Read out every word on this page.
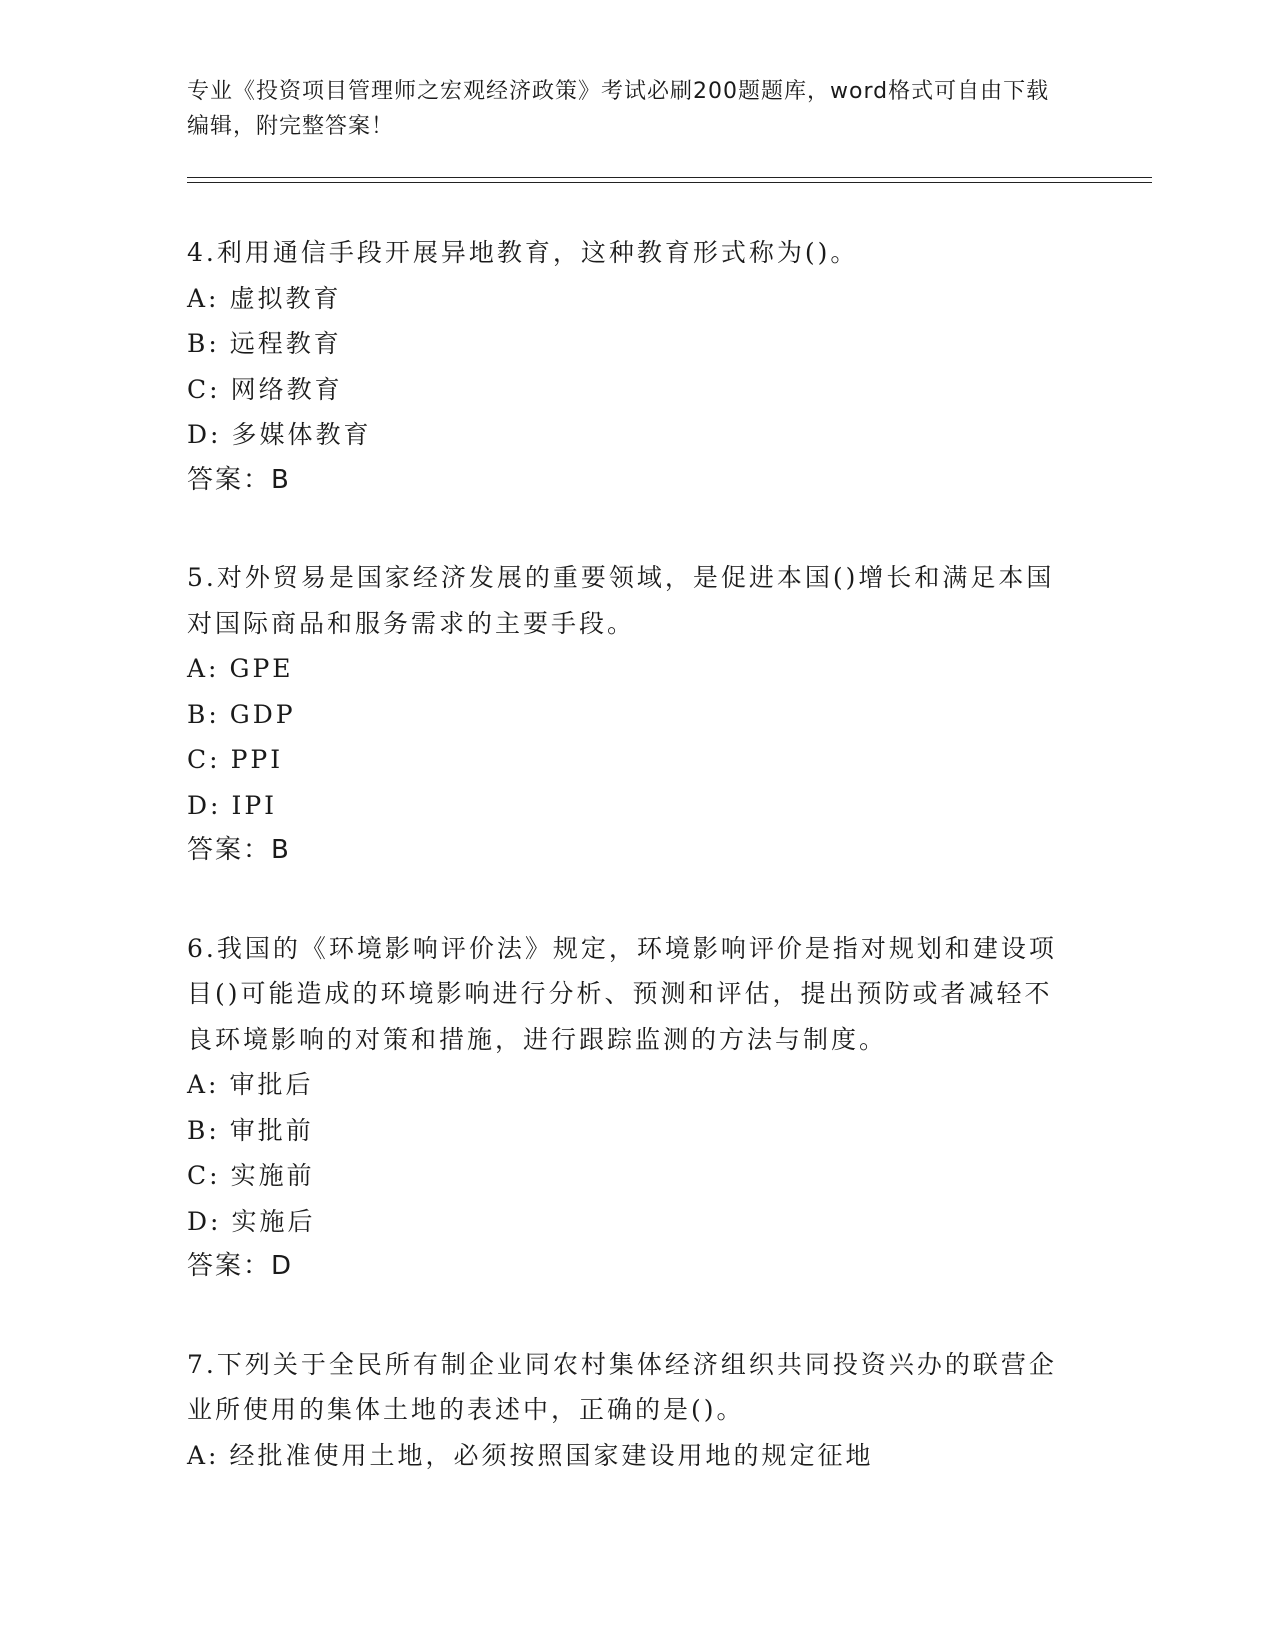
专业《投资项目管理师之宏观经济政策》考试必刷200题题库，word格式可自由下载编辑，附完整答案！

4.利用通信手段开展异地教育，这种教育形式称为()。

A: 虚拟教育

B: 远程教育

C: 网络教育

D: 多媒体教育

答案：B

5.对外贸易是国家经济发展的重要领域，是促进本国()增长和满足本国对国际商品和服务需求的主要手段。

A: GPE

B: GDP

C: PPI

D: IPI

答案：B

6.我国的《环境影响评价法》规定，环境影响评价是指对规划和建设项目()可能造成的环境影响进行分析、预测和评估，提出预防或者减轻不良环境影响的对策和措施，进行跟踪监测的方法与制度。

A: 审批后

B: 审批前

C: 实施前

D: 实施后

答案：D

7.下列关于全民所有制企业同农村集体经济组织共同投资兴办的联营企业所使用的集体土地的表述中，正确的是()。

A: 经批准使用土地，必须按照国家建设用地的规定征地
